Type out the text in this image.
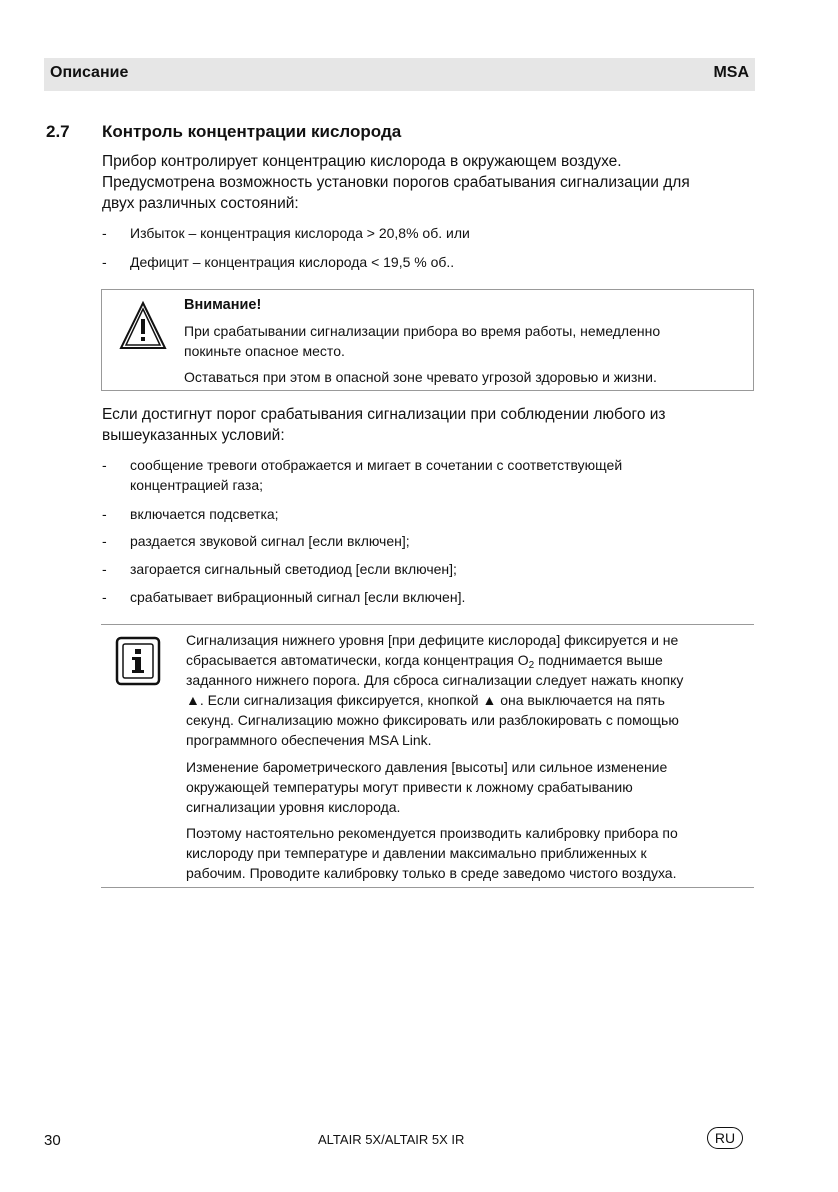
Описание	MSA
2.7 Контроль концентрации кислорода
Прибор контролирует концентрацию кислорода в окружающем воздухе.
Предусмотрена возможность установки порогов срабатывания сигнализации для
двух различных состояний:
- Избыток – концентрация кислорода > 20,8% об. или
- Дефицит – концентрация кислорода < 19,5 % об..
Внимание!
При срабатывании сигнализации прибора во время работы, немедленно
покиньте опасное место.
Оставаться при этом в опасной зоне чревато угрозой здоровью и жизни.
Если достигнут порог срабатывания сигнализации при соблюдении любого из
вышеуказанных условий:
- сообщение тревоги отображается и мигает в сочетании с соответствующей
концентрацией газа;
- включается подсветка;
- раздается звуковой сигнал [если включен];
- загорается сигнальный светодиод [если включен];
- срабатывает вибрационный сигнал [если включен].
Сигнализация нижнего уровня [при дефиците кислорода] фиксируется и не
сбрасывается автоматически, когда концентрация $O_2$ поднимается выше
заданного нижнего порога. Для сброса сигнализации следует нажать кнопку
▲. Если сигнализация фиксируется, кнопкой ▲ она выключается на пять
секунд. Сигнализацию можно фиксировать или разблокировать с помощью
программного обеспечения MSA Link.
Изменение барометрического давления [высоты] или сильное изменение
окружающей температуры могут привести к ложному срабатыванию
сигнализации уровня кислорода.
Поэтому настоятельно рекомендуется производить калибровку прибора по
кислороду при температуре и давлении максимально приближенных к
рабочим. Проводите калибровку только в среде заведомо чистого воздуха.
30	ALTAIR 5X/ALTAIR 5X IR	RU
